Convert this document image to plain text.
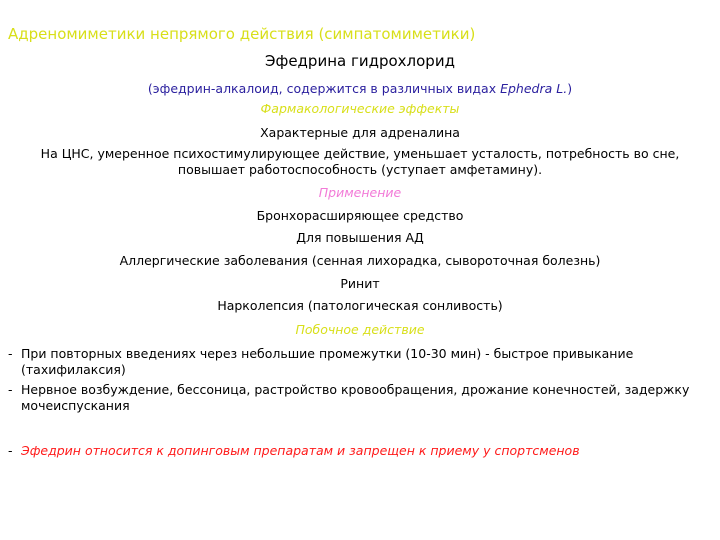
Адреномиметики непрямого действия (симпатомиметики)
Эфедрина гидрохлорид
(эфедрин-алкалоид, содержится в различных видах Ephedra L.)
Фармакологические эффекты
Характерные для адреналина
На ЦНС, умеренное психостимулирующее действие, уменьшает усталость, потребность во сне, повышает работоспособность (уступает амфетамину).
Применение
Бронхорасширяющее средство
Для повышения АД
Аллергические заболевания (сенная лихорадка, сывороточная болезнь)
Ринит
Нарколепсия (патологическая сонливость)
Побочное действие
- При повторных введениях через небольшие промежутки (10-30 мин) - быстрое привыкание (тахифилаксия)
- Нервное возбуждение, бессоница, растройство кровообращения, дрожание конечностей, задержку мочеиспускания
- Эфедрин относится к допинговым препаратам и запрещен к приему у спортсменов
